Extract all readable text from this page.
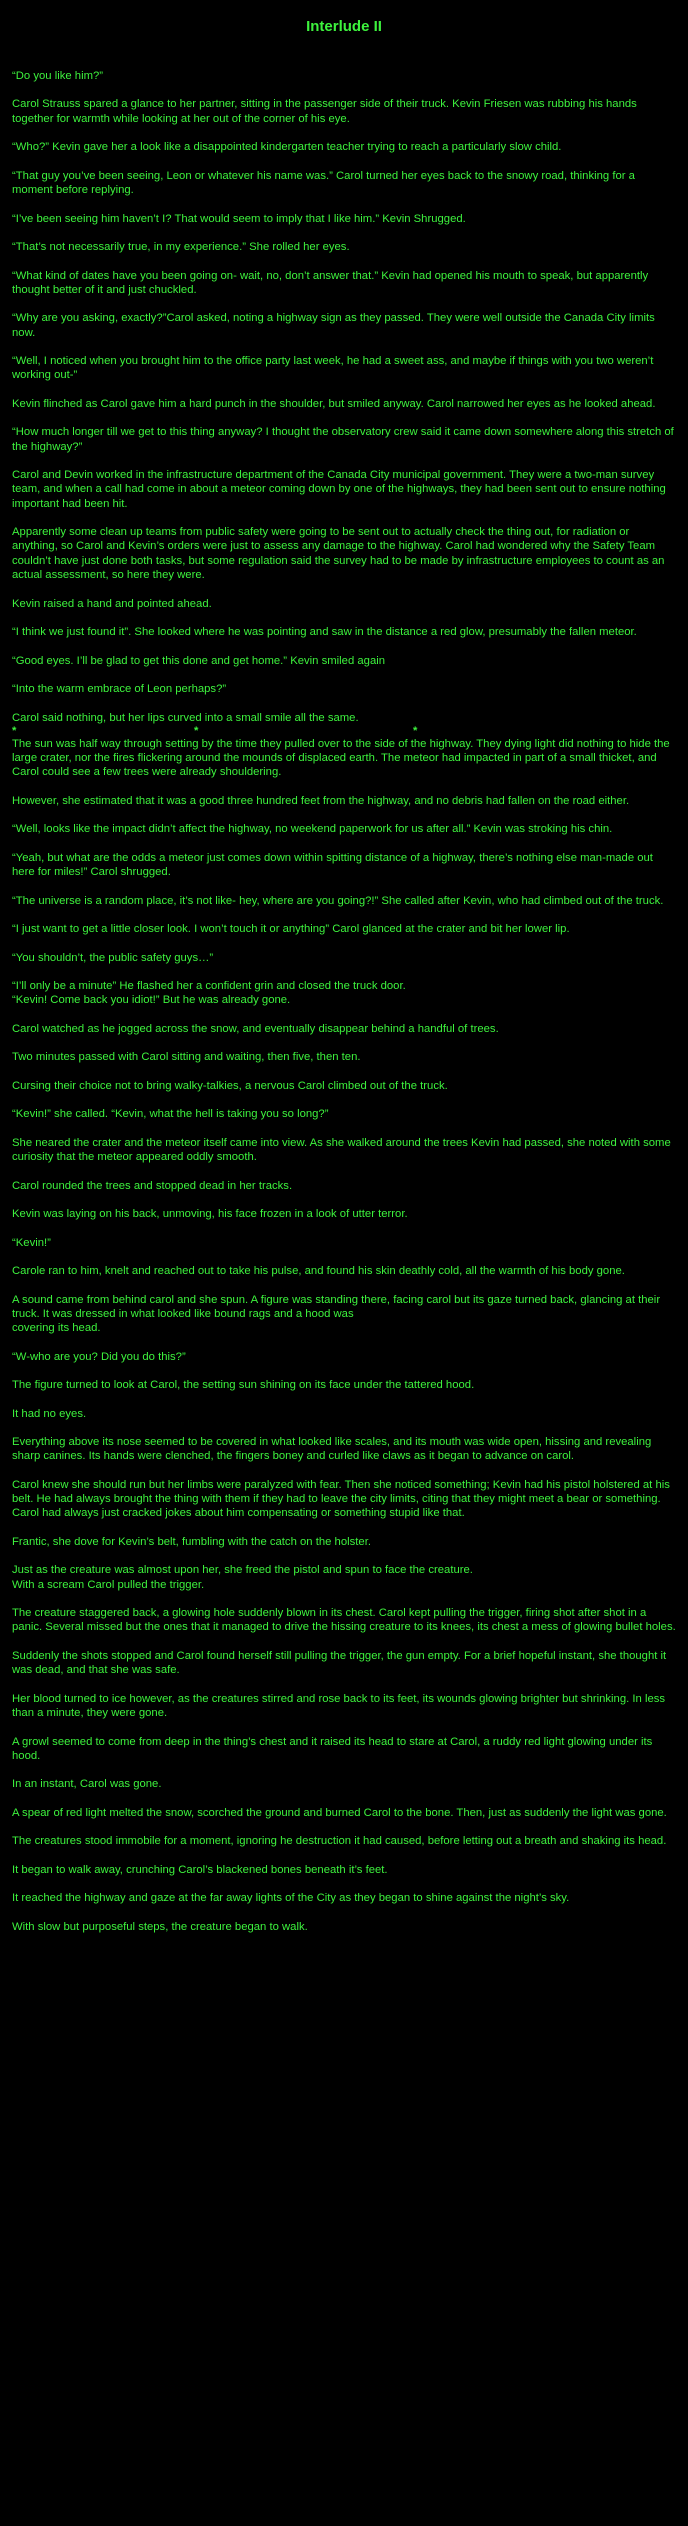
Interlude II

“Do you like him?”

Carol Strauss spared a glance to her partner, sitting in the passenger side of their truck. Kevin Friesen was rubbing his hands together for warmth while looking at her out of the corner of his eye.

“Who?” Kevin gave her a look like a disappointed kindergarten teacher trying to reach a particularly slow child.

“That guy you’ve been seeing, Leon or whatever his name was.” Carol turned her eyes back to the snowy road, thinking for a moment before replying.

“I’ve been seeing him haven’t I? That would seem to imply that I like him.” Kevin Shrugged.

“That’s not necessarily true, in my experience.” She rolled her eyes.

“What kind of dates have you been going on- wait, no, don’t answer that.” Kevin had opened his mouth to speak, but apparently thought better of it and just chuckled.

“Why are you asking, exactly?”Carol asked, noting a highway sign as they passed. They were well outside the Canada City limits now.

“Well, I noticed when you brought him to the office party last week, he had a sweet ass, and maybe if things with you two weren’t working out-”

Kevin flinched as Carol gave him a hard punch in the shoulder, but smiled anyway. Carol narrowed her eyes as he looked ahead.

“How much longer till we get to this thing anyway? I thought the observatory crew said it came down somewhere along this stretch of the highway?”

Carol and Devin worked in the infrastructure department of the Canada City municipal government. They were a two-man survey team, and when a call had come in about a meteor coming down by one of the highways, they had been sent out to ensure nothing important had been hit.

Apparently some clean up teams from public safety were going to be sent out to actually check the thing out, for radiation or anything, so Carol and Kevin’s orders were just to assess any damage to the highway. Carol had wondered why the Safety Team couldn’t have just done both tasks, but some regulation said the survey had to be made by infrastructure employees to count as an actual assessment, so here they were.

Kevin raised a hand and pointed ahead.

“I think we just found it”. She looked where he was pointing and saw in the distance a red glow, presumably the fallen meteor.

“Good eyes. I’ll be glad to get this done and get home.” Kevin smiled again

“Into the warm embrace of Leon perhaps?”

Carol said nothing, but her lips curved into a small smile all the same.

*	*	*

The sun was half way through setting by the time they pulled over to the side of the highway. They dying light did nothing to hide the large crater, nor the fires flickering around the mounds of displaced earth. The meteor had impacted in part of a small thicket, and Carol could see a few trees were already shouldering.

However, she estimated that it was a good three hundred feet from the highway, and no debris had fallen on the road either.

“Well, looks like the impact didn’t affect the highway, no weekend paperwork for us after all.” Kevin was stroking his chin.

“Yeah, but what are the odds a meteor just comes down within spitting distance of a highway, there’s nothing else man-made out here for miles!” Carol shrugged.

“The universe is a random place, it’s not like- hey, where are you going?!” She called after Kevin, who had climbed out of the truck.

“I just want to get a little closer look. I won’t touch it or anything” Carol glanced at the crater and bit her lower lip.

“You shouldn’t, the public safety guys…”

“I’ll only be a minute” He flashed her a confident grin and closed the truck door.
“Kevin! Come back you idiot!” But he was already gone.

Carol watched as he jogged across the snow, and eventually disappear behind a handful of trees.

Two minutes passed with Carol sitting and waiting, then five, then ten.

Cursing their choice not to bring walky-talkies, a nervous Carol climbed out of the truck.

“Kevin!” she called. “Kevin, what the hell is taking you so long?”

She neared the crater and the meteor itself came into view. As she walked around the trees Kevin had passed, she noted with some curiosity that the meteor appeared oddly smooth.

Carol rounded the trees and stopped dead in her tracks.

Kevin was laying on his back, unmoving, his face frozen in a look of utter terror.

“Kevin!”

Carole ran to him, knelt and reached out to take his pulse, and found his skin deathly cold, all the warmth of his body gone.

A sound came from behind carol and she spun. A figure was standing there, facing carol but its gaze turned back, glancing at their truck. It was dressed in what looked like bound rags and a hood was
covering its head.

“W-who are you? Did you do this?”

The figure turned to look at Carol, the setting sun shining on its face under the tattered hood.

It had no eyes.

Everything above its nose seemed to be covered in what looked like scales, and its mouth was wide open, hissing and revealing sharp canines. Its hands were clenched, the fingers boney and curled like claws as it began to advance on carol.

Carol knew she should run but her limbs were paralyzed with fear. Then she noticed something; Kevin had his pistol holstered at his belt. He had always brought the thing with them if they had to leave the city limits, citing that they might meet a bear or something. Carol had always just cracked jokes about him compensating or something stupid like that.

Frantic, she dove for Kevin’s belt, fumbling with the catch on the holster.

Just as the creature was almost upon her, she freed the pistol and spun to face the creature.
With a scream Carol pulled the trigger.

The creature staggered back, a glowing hole suddenly blown in its chest. Carol kept pulling the trigger, firing shot after shot in a panic. Several missed but the ones that it managed to drive the hissing creature to its knees, its chest a mess of glowing bullet holes.

Suddenly the shots stopped and Carol found herself still pulling the trigger, the gun empty. For a brief hopeful instant, she thought it was dead, and that she was safe.

Her blood turned to ice however, as the creatures stirred and rose back to its feet, its wounds glowing brighter but shrinking. In less than a minute, they were gone.

A growl seemed to come from deep in the thing’s chest and it raised its head to stare at Carol, a ruddy red light glowing under its hood.

In an instant, Carol was gone.

A spear of red light melted the snow, scorched the ground and burned Carol to the bone. Then, just as suddenly the light was gone.

The creatures stood immobile for a moment, ignoring he destruction it had caused, before letting out a breath and shaking its head.

It began to walk away, crunching Carol’s blackened bones beneath it’s feet.

It reached the highway and gaze at the far away lights of the City as they began to shine against the night’s sky.

With slow but purposeful steps, the creature began to walk.
